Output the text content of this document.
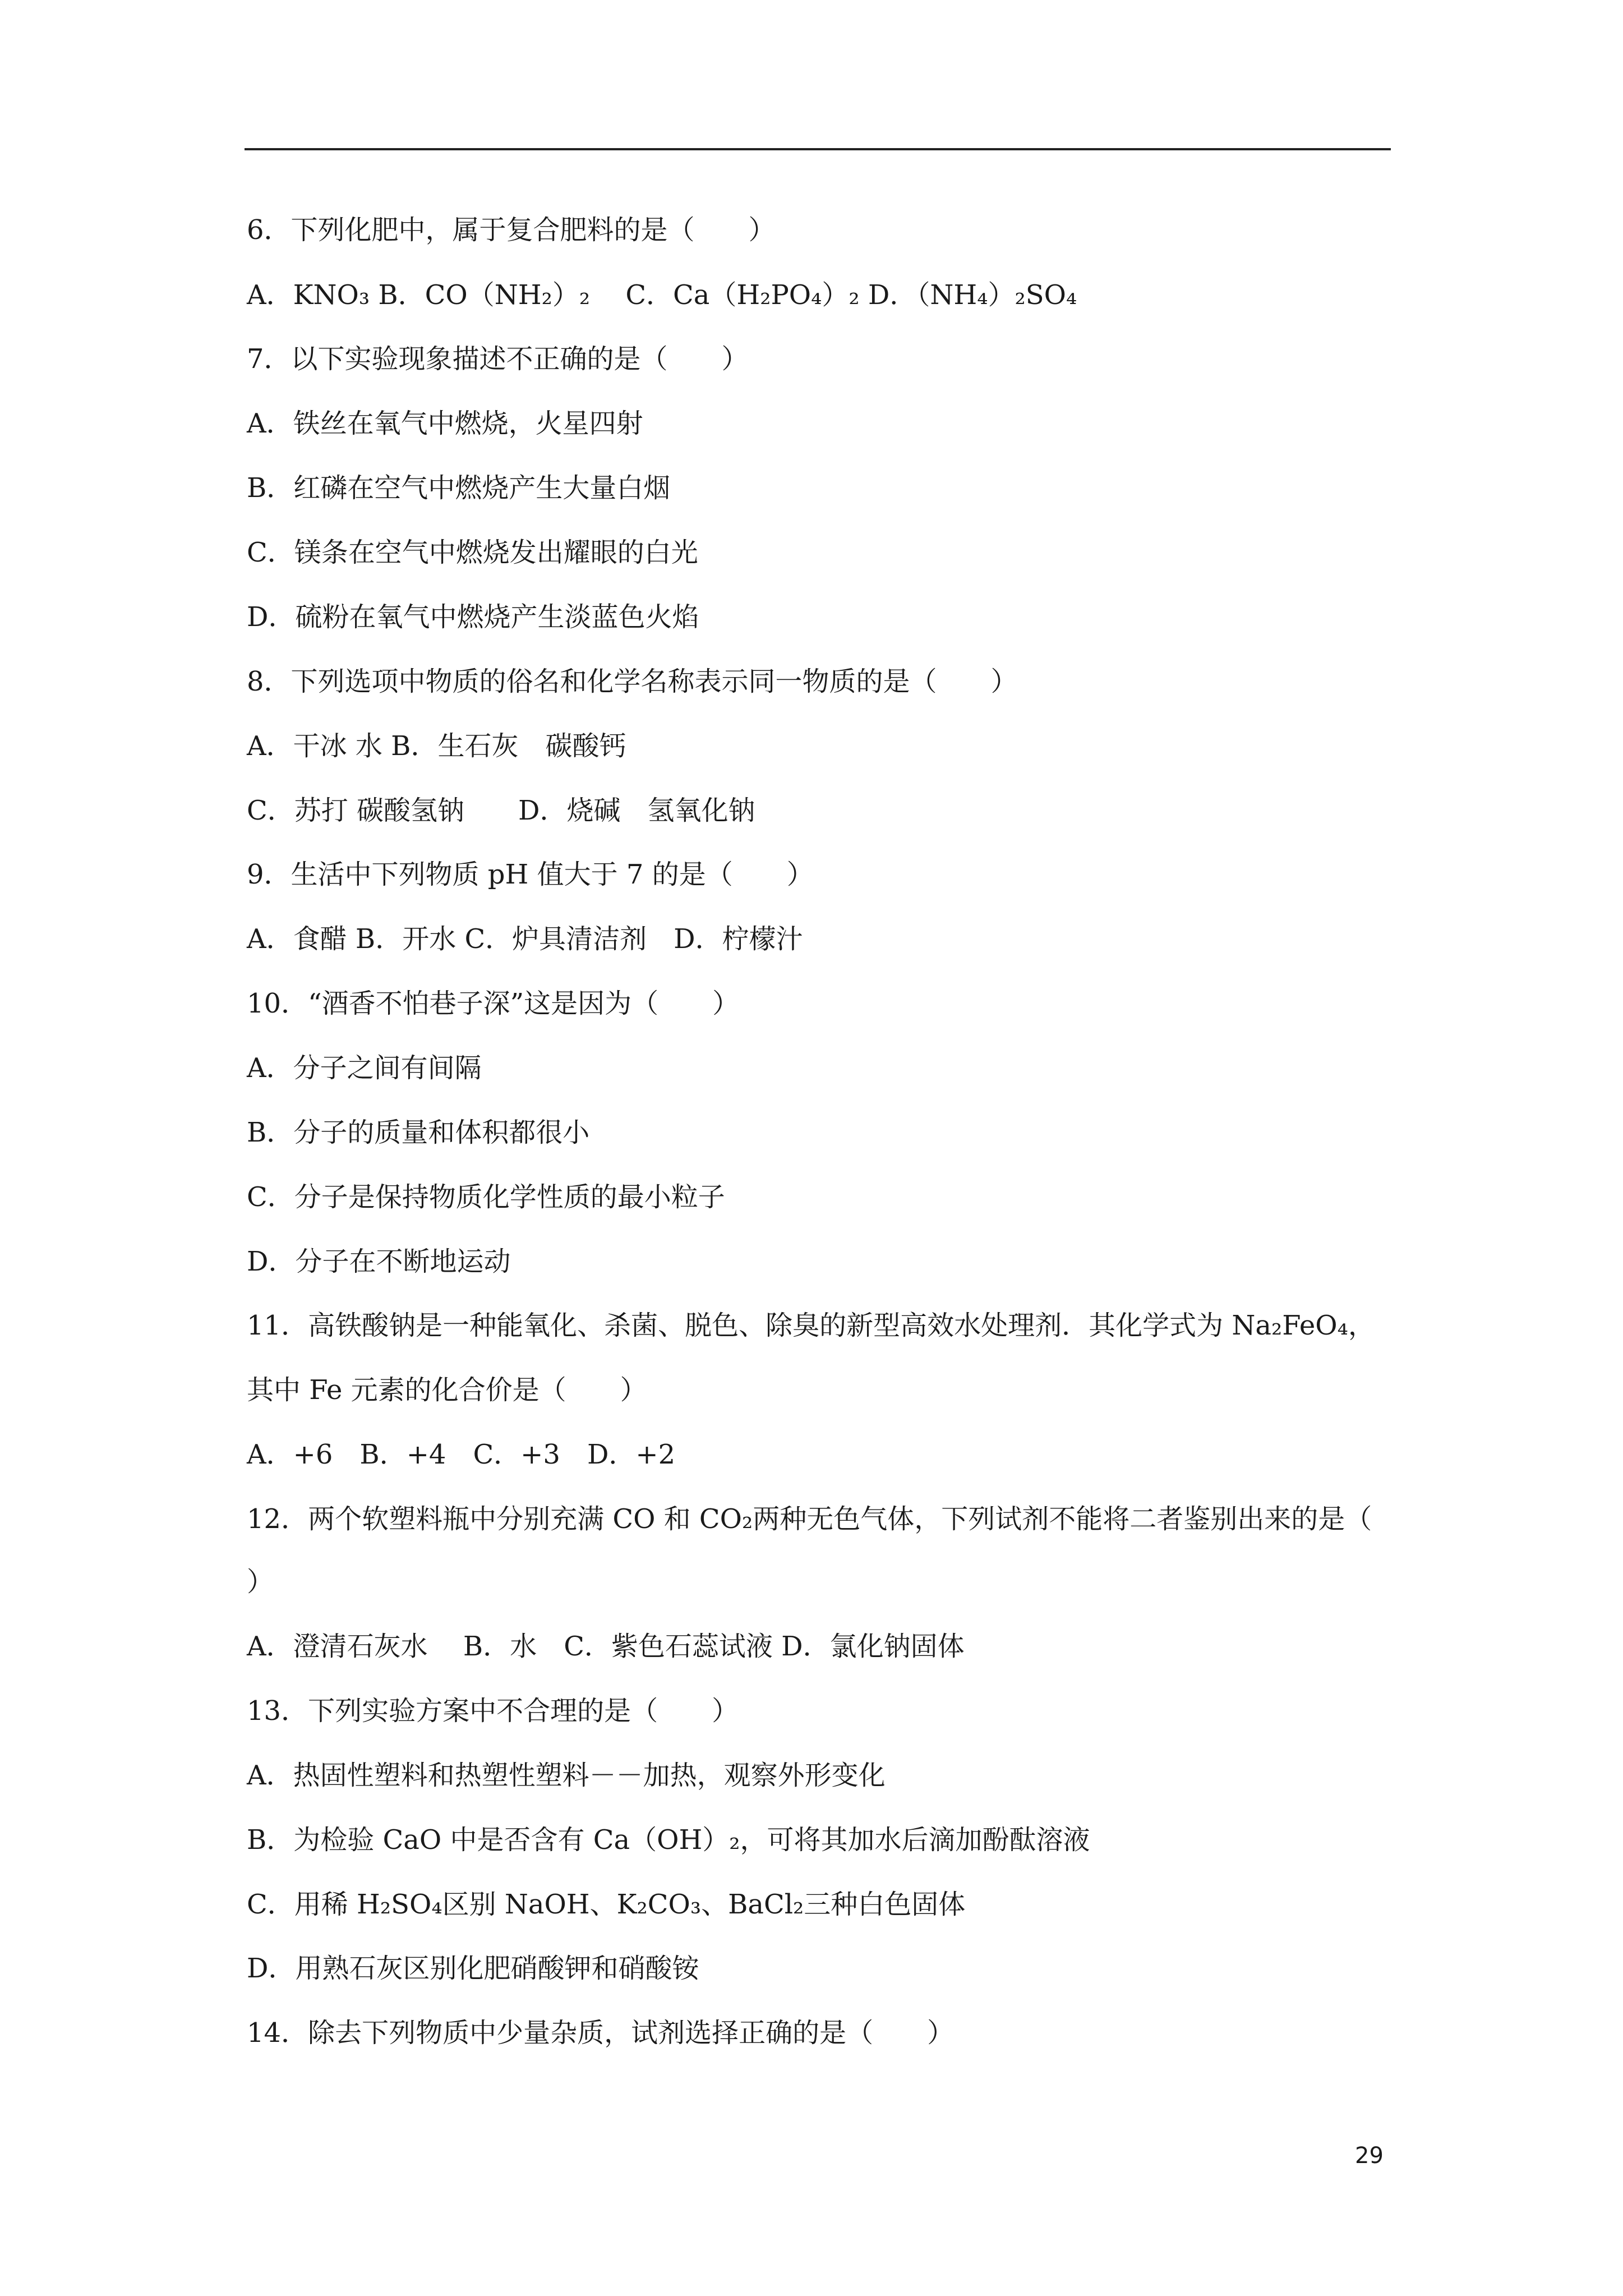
6．下列化肥中，属于复合肥料的是（　　）
A．KNO₃ B．CO（NH₂）₂　 C．Ca（H₂PO₄）₂ D．（NH₄）₂SO₄
7．以下实验现象描述不正确的是（　　）
A．铁丝在氧气中燃烧，火星四射
B．红磷在空气中燃烧产生大量白烟
C．镁条在空气中燃烧发出耀眼的白光
D．硫粉在氧气中燃烧产生淡蓝色火焰
8．下列选项中物质的俗名和化学名称表示同一物质的是（　　）
A．干冰 水 B．生石灰　碳酸钙
C．苏打 碳酸氢钠　　D．烧碱　氢氧化钠
9．生活中下列物质 pH 值大于 7 的是（　　）
A．食醋 B．开水 C．炉具清洁剂　D．柠檬汁
10．“酒香不怕巷子深”这是因为（　　）
A．分子之间有间隔
B．分子的质量和体积都很小
C．分子是保持物质化学性质的最小粒子
D．分子在不断地运动
11．高铁酸钠是一种能氧化、杀菌、脱色、除臭的新型高效水处理剂．其化学式为 Na₂FeO₄，
其中 Fe 元素的化合价是（　　）
A．+6　B．+4　C．+3　D．+2
12．两个软塑料瓶中分别充满 CO 和 CO₂两种无色气体，下列试剂不能将二者鉴别出来的是（
）
A．澄清石灰水　 B．水　C．紫色石蕊试液 D．氯化钠固体
13．下列实验方案中不合理的是（　　）
A．热固性塑料和热塑性塑料－－加热，观察外形变化
B．为检验 CaO 中是否含有 Ca（OH）₂，可将其加水后滴加酚酞溶液
C．用稀 H₂SO₄区别 NaOH、K₂CO₃、BaCl₂三种白色固体
D．用熟石灰区别化肥硝酸钾和硝酸铵
14．除去下列物质中少量杂质，试剂选择正确的是（　　）
29
